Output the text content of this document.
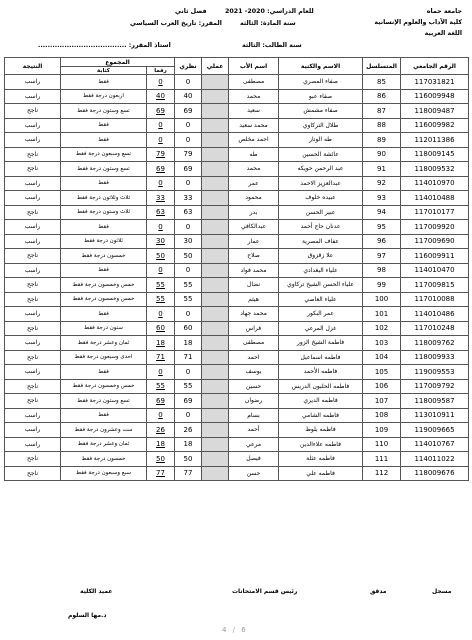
جامعة حماه
كلية الآداب والعلوم الإنسانية
اللغة العربية
للعام الدراسي: 2020- 2021
فصل ثاني
سنة المادة: الثالثة
المقرر: تاريخ العرب السياسي
سنة الطالب: الثالثة
استاذ المقرر: .....................................
الرقم الجامعي	المتسلسل	الاسم والكنية	اسم الأب	عملي	نظري	المجموع		النتيجة
						رقما	كتابة	
117031821	85	صفاء المصري	مصطفى		0	0	فقط	راسب
116009948	86	صفاء عبو	محمد		40	40	اربعون درجة فقط	راسب
118009487	87	صفاء مشمش	سعيد		69	69	تسع وستون درجة فقط	ناجح
116009982	88	طلال التركاوي	محمد سعيد		0	0	فقط	راسب
112011386	89	طه الوتار	احمد مخلص		0	0	فقط	راسب
118009145	90	عائشة الحسين	طه		79	79	تسع وسبعون درجة فقط	ناجح
118009532	91	عبد الرحمن حويكه	محمد		69	69	تسع وستون درجة فقط	ناجح
114010970	92	عبدالعزيز الاحمد	عمر		0	0	فقط	راسب
114010488	93	عبيده خلوف	محمود		33	33	ثلاث وثلاثون درجة فقط	راسب
117010177	94	عبير الحسن	بدر		63	63	ثلاث وستون درجة فقط	ناجح
117009920	95	عدنان حاج أحمد	عبدالكافي		0	0	فقط	راسب
117009690	96	عفاف المصرية	عمار		30	30	ثلاثون درجة فقط	راسب
116009911	97	علا زقزوق	صلاح		50	50	خمسون درجة فقط	ناجح
114010470	98	علياء البغدادي	محمد فواد		0	0	فقط	راسب
117009815	99	علياء الحسن الشيخ تركاوي	نضال		55	55	خمس وخمسون درجة فقط	ناجح
117010088	100	علياء العاصي	هيثم		55	55	خمس وخمسون درجة فقط	ناجح
114010486	101	عمر البكور	محمد جهاد		0	0	فقط	راسب
117010248	102	غزل المرعي	فراس		60	60	ستون درجة فقط	ناجح
118009762	103	فاطمة الشيخ الزور	مصطفى		18	18	ثمان وعشر درجة فقط	راسب
118009933	104	فاطمه اسماعيل	احمد		71	71	احدى وسبعون درجة فقط	ناجح
119009553	105	فاطمه الأحمد	يوسف		0	0	فقط	راسب
117009792	106	فاطمه الحلبون الدريس	حسين		55	55	خمس وخمسون درجة فقط	ناجح
118009587	107	فاطمه الديري	رضوان		69	69	تسع وستون درجة فقط	ناجح
113010911	108	فاطمه الشامي	بسام		0	0	فقط	راسب
119009665	109	فاطمه بلوط	أحمد		26	26	ست وعشرون درجة فقط	راسب
114010767	110	فاطمه علاءالدين	مرعي		18	18	ثمان وعشر درجة فقط	راسب
114011022	111	فاطمه عثلة	فيصل		50	50	خمسون درجة فقط	ناجح
118009676	112	فاطمه علي	حسن		77	77	سبع وسبعون درجة فقط	ناجح
مسجل
مدقق
رئيس قسم الامتحانات
عميد الكلية
د.مها السلوم
4 / 6
